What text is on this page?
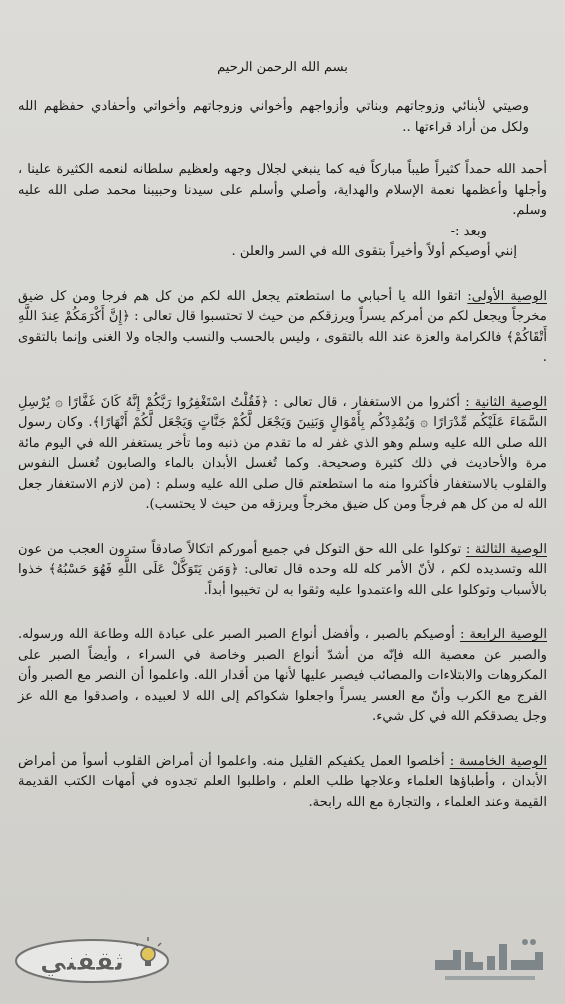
بسم الله الرحمن الرحيم

وصيتي لأبنائي وزوجاتهم وبناتي وأزواجهم وأخواني وزوجاتهم وأخواتي وأحفادي حفظهم الله ولكل من أراد قراءتها ..

أحمد الله حمداً كثيراً طيباً مباركاً فيه كما ينبغي لجلال وجهه ولعظيم سلطانه لنعمه الكثيرة علينا ، وأجلها وأعظمها نعمة الإسلام والهداية، وأصلي وأسلم على سيدنا وحبيبنا محمد صلى الله عليه وسلم.

وبعد :-

إنني أوصيكم أولاً وأخيراً بتقوى الله في السر والعلن .

الوصية الأولى: اتقوا الله يا أحبابي ما استطعتم يجعل الله لكم من كل هم فرجا ومن كل ضيق مخرجاً ويجعل لكم من أمركم يسراً ويرزقكم من حيث لا تحتسبوا قال تعالى : ﴿إِنَّ أَكْرَمَكُمْ عِندَ اللَّهِ أَتْقَاكُمْ﴾ فالكرامة والعزة عند الله بالتقوى ، وليس بالحسب والنسب والجاه ولا الغنى وإنما بالتقوى .

الوصية الثانية : أكثروا من الاستغفار ، قال تعالى : ﴿فَقُلْتُ اسْتَغْفِرُوا رَبَّكُمْ إِنَّهُ كَانَ غَفَّارًا ۞ يُرْسِلِ السَّمَاءَ عَلَيْكُم مِّدْرَارًا ۞ وَيُمْدِدْكُم بِأَمْوَالٍ وَبَنِينَ وَيَجْعَل لَّكُمْ جَنَّاتٍ وَيَجْعَل لَّكُمْ أَنْهَارًا﴾. وكان رسول الله صلى الله عليه وسلم وهو الذي غفر له ما تقدم من ذنبه وما تأخر يستغفر الله في اليوم مائة مرة والأحاديث في ذلك كثيرة وصحيحة. وكما تُغسل الأبدان بالماء والصابون تُغسل النفوس والقلوب بالاستغفار فأكثروا منه ما استطعتم قال صلى الله عليه وسلم : (من لازم الاستغفار جعل الله له من كل هم فرجاً ومن كل ضيق مخرجاً ويرزقه من حيث لا يحتسب).

الوصية الثالثة : توكلوا على الله حق التوكل في جميع أموركم اتكالاً صادقاً سترون العجب من عون الله وتسديده لكم ، لأنّ الأمر كله لله وحده قال تعالى: ﴿وَمَن يَتَوَكَّلْ عَلَى اللَّهِ فَهُوَ حَسْبُهُ﴾ خذوا بالأسباب وتوكلوا على الله واعتمدوا عليه وثقوا به لن تخيبوا أبداً.

الوصية الرابعة : أوصيكم بالصبر ، وأفضل أنواع الصبر الصبر على عبادة الله وطاعة الله ورسوله. والصبر عن معصية الله فإنّه من أشدّ أنواع الصبر وخاصة في السراء ، وأيضاً الصبر على المكروهات والابتلاءات والمصائب فيصبر عليها لأنها من أقدار الله. واعلموا أن النصر مع الصبر وأن الفرج مع الكرب وأنّ مع العسر يسراً واجعلوا شكواكم إلى الله لا لعبيده ، واصدقوا مع الله عز وجل يصدقكم الله في كل شيء.

الوصية الخامسة : أخلصوا العمل يكفيكم القليل منه. واعلموا أن أمراض القلوب أسوأ من أمراض الأبدان ، وأطباؤها العلماء وعلاجها طلب العلم ، واطلبوا العلم تجدوه في أمهات الكتب القديمة القيمة وعند العلماء ، والتجارة مع الله رابحة.

ثقفني
